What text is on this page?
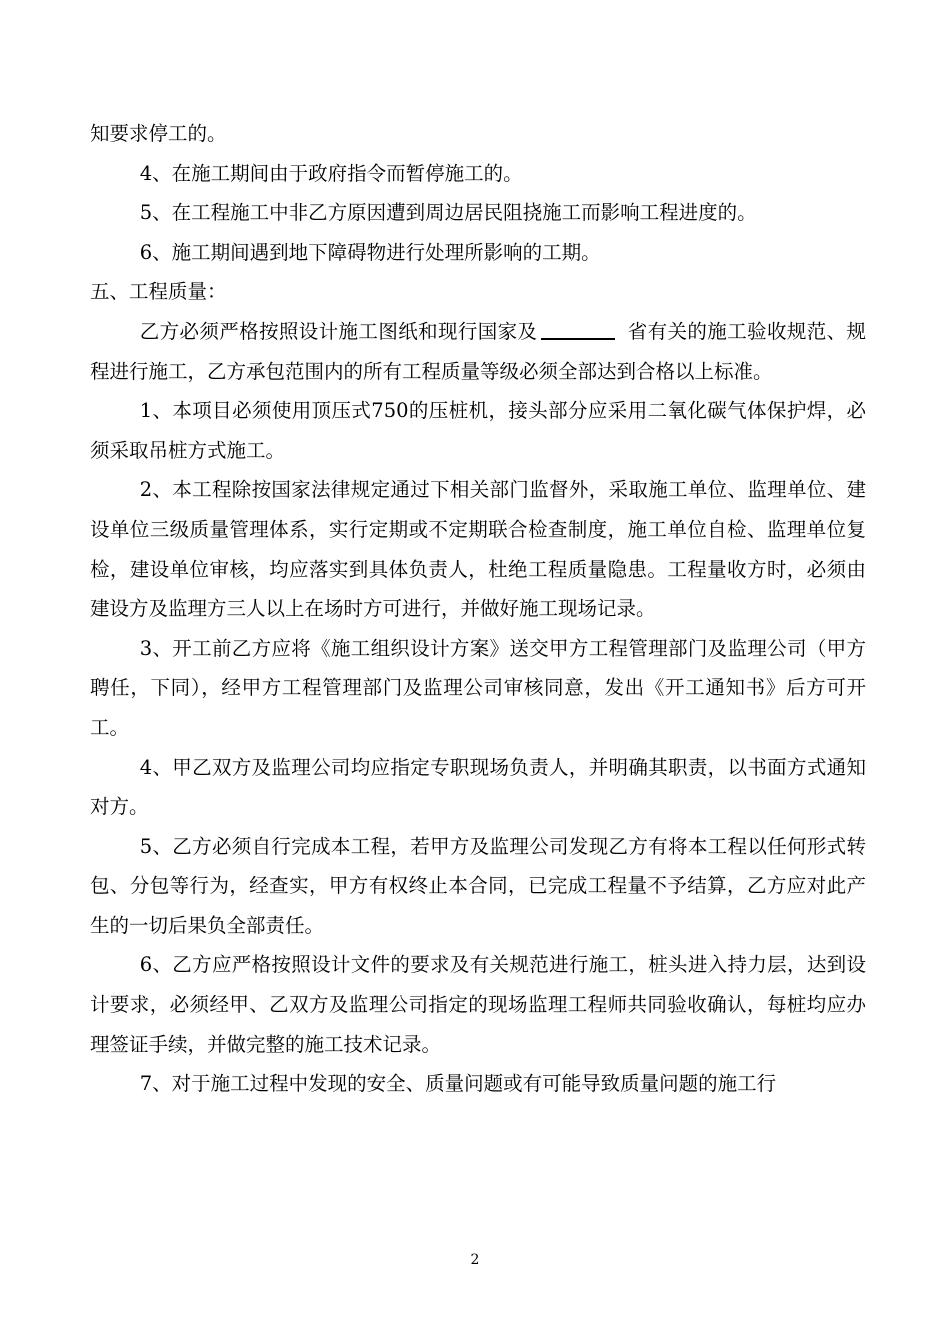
知要求停工的。

4、在施工期间由于政府指令而暂停施工的。

5、在工程施工中非乙方原因遭到周边居民阻挠施工而影响工程进度的。

6、施工期间遇到地下障碍物进行处理所影响的工期。

五、工程质量：

乙方必须严格按照设计施工图纸和现行国家及	省有关的施工验收规范、规程进行施工，乙方承包范围内的所有工程质量等级必须全部达到合格以上标准。

1、本项目必须使用顶压式750的压桩机，接头部分应采用二氧化碳气体保护焊，必须采取吊桩方式施工。

2、本工程除按国家法律规定通过下相关部门监督外，采取施工单位、监理单位、建设单位三级质量管理体系，实行定期或不定期联合检查制度，施工单位自检、监理单位复检，建设单位审核，均应落实到具体负责人，杜绝工程质量隐患。工程量收方时，必须由建设方及监理方三人以上在场时方可进行，并做好施工现场记录。

3、开工前乙方应将《施工组织设计方案》送交甲方工程管理部门及监理公司（甲方聘任，下同），经甲方工程管理部门及监理公司审核同意，发出《开工通知书》后方可开工。

4、甲乙双方及监理公司均应指定专职现场负责人，并明确其职责，以书面方式通知对方。

5、乙方必须自行完成本工程，若甲方及监理公司发现乙方有将本工程以任何形式转包、分包等行为，经查实，甲方有权终止本合同，已完成工程量不予结算，乙方应对此产生的一切后果负全部责任。

6、乙方应严格按照设计文件的要求及有关规范进行施工，桩头进入持力层，达到设计要求，必须经甲、乙双方及监理公司指定的现场监理工程师共同验收确认，每桩均应办理签证手续，并做完整的施工技术记录。

7、对于施工过程中发现的安全、质量问题或有可能导致质量问题的施工行

2
